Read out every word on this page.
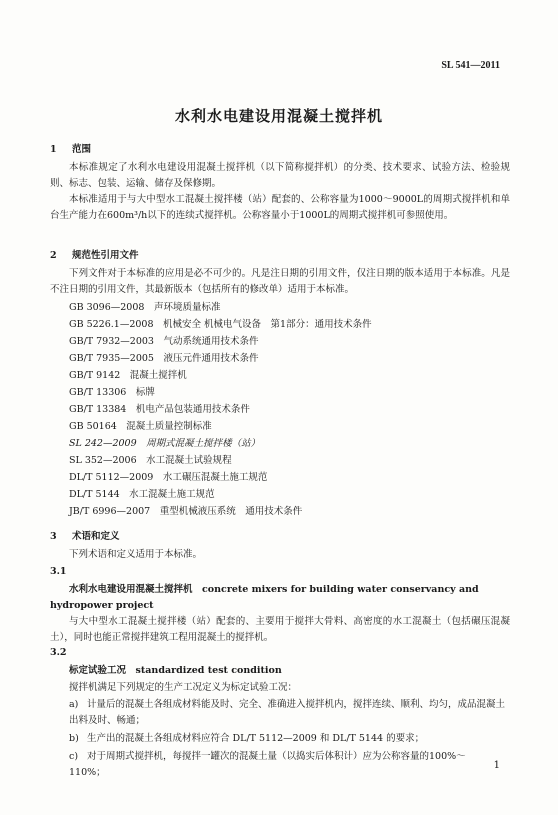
SL 541—2011
水利水电建设用混凝土搅拌机
1 范围
本标准规定了水利水电建设用混凝土搅拌机（以下简称搅拌机）的分类、技术要求、试验方法、检验规则、标志、包装、运输、储存及保修期。
本标准适用于与大中型水工混凝土搅拌楼（站）配套的、公称容量为1000～9000L的周期式搅拌机和单台生产能力在600m³/h以下的连续式搅拌机。公称容量小于1000L的周期式搅拌机可参照使用。
2 规范性引用文件
下列文件对于本标准的应用是必不可少的。凡是注日期的引用文件，仅注日期的版本适用于本标准。凡是不注日期的引用文件，其最新版本（包括所有的修改单）适用于本标准。
GB 3096—2008　声环境质量标准
GB 5226.1—2008　机械安全 机械电气设备　第1部分：通用技术条件
GB/T 7932—2003　气动系统通用技术条件
GB/T 7935—2005　液压元件通用技术条件
GB/T 9142　混凝土搅拌机
GB/T 13306　标牌
GB/T 13384　机电产品包装通用技术条件
GB 50164　混凝土质量控制标准
SL 242—2009　周期式混凝土搅拌楼（站）
SL 352—2006　水工混凝土试验规程
DL/T 5112—2009　水工碾压混凝土施工规范
DL/T 5144　水工混凝土施工规范
JB/T 6996—2007　重型机械液压系统　通用技术条件
3 术语和定义
下列术语和定义适用于本标准。
3.1
水利水电建设用混凝土搅拌机  concrete mixers for building water conservancy and hydropower project
与大中型水工混凝土搅拌楼（站）配套的、主要用于搅拌大骨料、高密度的水工混凝土（包括碾压混凝土），同时也能正常搅拌建筑工程用混凝土的搅拌机。
3.2
标定试验工况  standardized test condition
搅拌机满足下列规定的生产工况定义为标定试验工况：
a) 计量后的混凝土各组成材料能及时、完全、准确进入搅拌机内，搅拌连续、顺利、均匀，成品混凝土出料及时、畅通；
b) 生产出的混凝土各组成材料应符合 DL/T 5112—2009 和 DL/T 5144 的要求；
c) 对于周期式搅拌机，每搅拌一罐次的混凝土量（以捣实后体积计）应为公称容量的100%～110%；
1
